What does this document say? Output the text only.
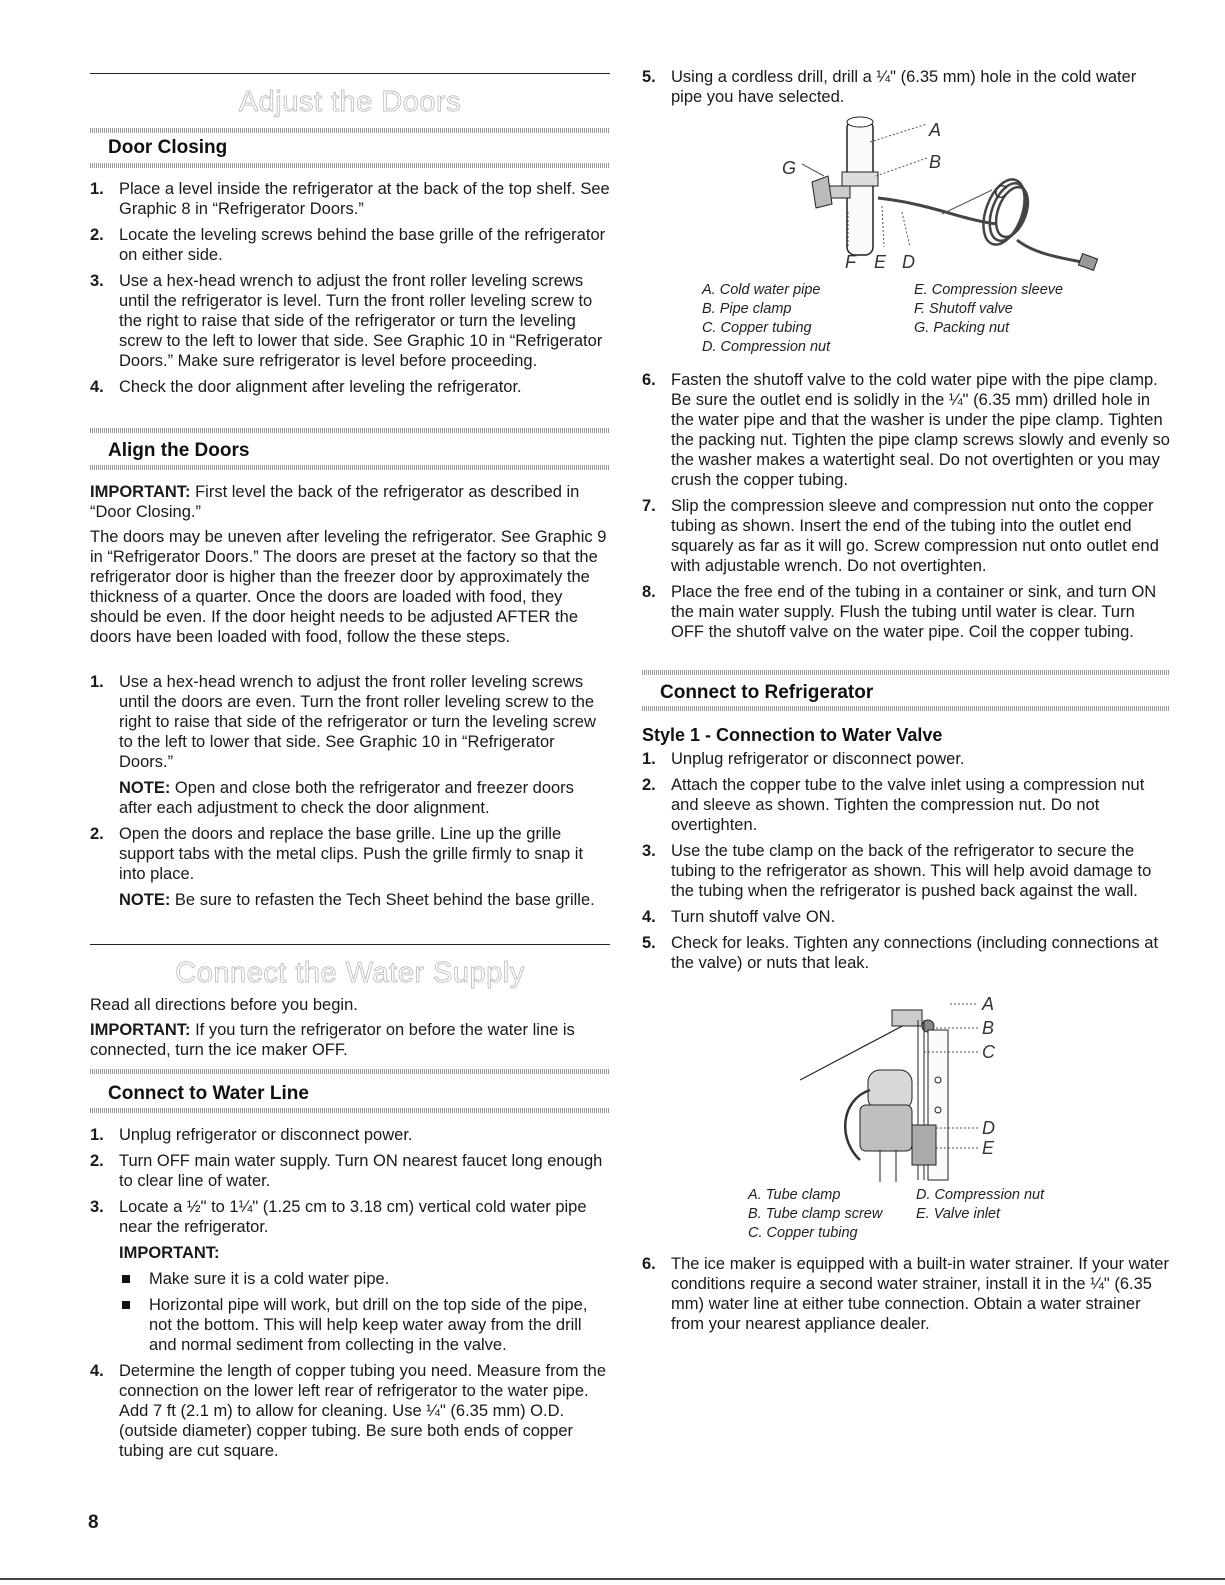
Adjust the Doors
Door Closing
1. Place a level inside the refrigerator at the back of the top shelf. See Graphic 8 in “Refrigerator Doors.”
2. Locate the leveling screws behind the base grille of the refrigerator on either side.
3. Use a hex-head wrench to adjust the front roller leveling screws until the refrigerator is level. Turn the front roller leveling screw to the right to raise that side of the refrigerator or turn the leveling screw to the left to lower that side. See Graphic 10 in “Refrigerator Doors.” Make sure refrigerator is level before proceeding.
4. Check the door alignment after leveling the refrigerator.
Align the Doors
IMPORTANT: First level the back of the refrigerator as described in “Door Closing.”
The doors may be uneven after leveling the refrigerator. See Graphic 9 in “Refrigerator Doors.” The doors are preset at the factory so that the refrigerator door is higher than the freezer door by approximately the thickness of a quarter. Once the doors are loaded with food, they should be even. If the door height needs to be adjusted AFTER the doors have been loaded with food, follow the these steps.
1. Use a hex-head wrench to adjust the front roller leveling screws until the doors are even. Turn the front roller leveling screw to the right to raise that side of the refrigerator or turn the leveling screw to the left to lower that side. See Graphic 10 in “Refrigerator Doors.”
NOTE: Open and close both the refrigerator and freezer doors after each adjustment to check the door alignment.
2. Open the doors and replace the base grille. Line up the grille support tabs with the metal clips. Push the grille firmly to snap it into place.
NOTE: Be sure to refasten the Tech Sheet behind the base grille.
Connect the Water Supply
Read all directions before you begin.
IMPORTANT: If you turn the refrigerator on before the water line is connected, turn the ice maker OFF.
Connect to Water Line
1. Unplug refrigerator or disconnect power.
2. Turn OFF main water supply. Turn ON nearest faucet long enough to clear line of water.
3. Locate a ½" to 1¼" (1.25 cm to 3.18 cm) vertical cold water pipe near the refrigerator.
IMPORTANT:
Make sure it is a cold water pipe.
Horizontal pipe will work, but drill on the top side of the pipe, not the bottom. This will help keep water away from the drill and normal sediment from collecting in the valve.
4. Determine the length of copper tubing you need. Measure from the connection on the lower left rear of refrigerator to the water pipe. Add 7 ft (2.1 m) to allow for cleaning. Use ¼" (6.35 mm) O.D. (outside diameter) copper tubing. Be sure both ends of copper tubing are cut square.
8
5. Using a cordless drill, drill a ¼" (6.35 mm) hole in the cold water pipe you have selected.
A
B
C
G
F E D
A. Cold water pipe
B. Pipe clamp
C. Copper tubing
D. Compression nut
E. Compression sleeve
F. Shutoff valve
G. Packing nut
6. Fasten the shutoff valve to the cold water pipe with the pipe clamp. Be sure the outlet end is solidly in the ¼" (6.35 mm) drilled hole in the water pipe and that the washer is under the pipe clamp. Tighten the packing nut. Tighten the pipe clamp screws slowly and evenly so the washer makes a watertight seal. Do not overtighten or you may crush the copper tubing.
7. Slip the compression sleeve and compression nut onto the copper tubing as shown. Insert the end of the tubing into the outlet end squarely as far as it will go. Screw compression nut onto outlet end with adjustable wrench. Do not overtighten.
8. Place the free end of the tubing in a container or sink, and turn ON the main water supply. Flush the tubing until water is clear. Turn OFF the shutoff valve on the water pipe. Coil the copper tubing.
Connect to Refrigerator
Style 1 - Connection to Water Valve
1. Unplug refrigerator or disconnect power.
2. Attach the copper tube to the valve inlet using a compression nut and sleeve as shown. Tighten the compression nut. Do not overtighten.
3. Use the tube clamp on the back of the refrigerator to secure the tubing to the refrigerator as shown. This will help avoid damage to the tubing when the refrigerator is pushed back against the wall.
4. Turn shutoff valve ON.
5. Check for leaks. Tighten any connections (including connections at the valve) or nuts that leak.
A
B
C
D
E
A. Tube clamp
B. Tube clamp screw
C. Copper tubing
D. Compression nut
E. Valve inlet
6. The ice maker is equipped with a built-in water strainer. If your water conditions require a second water strainer, install it in the ¼" (6.35 mm) water line at either tube connection. Obtain a water strainer from your nearest appliance dealer.
